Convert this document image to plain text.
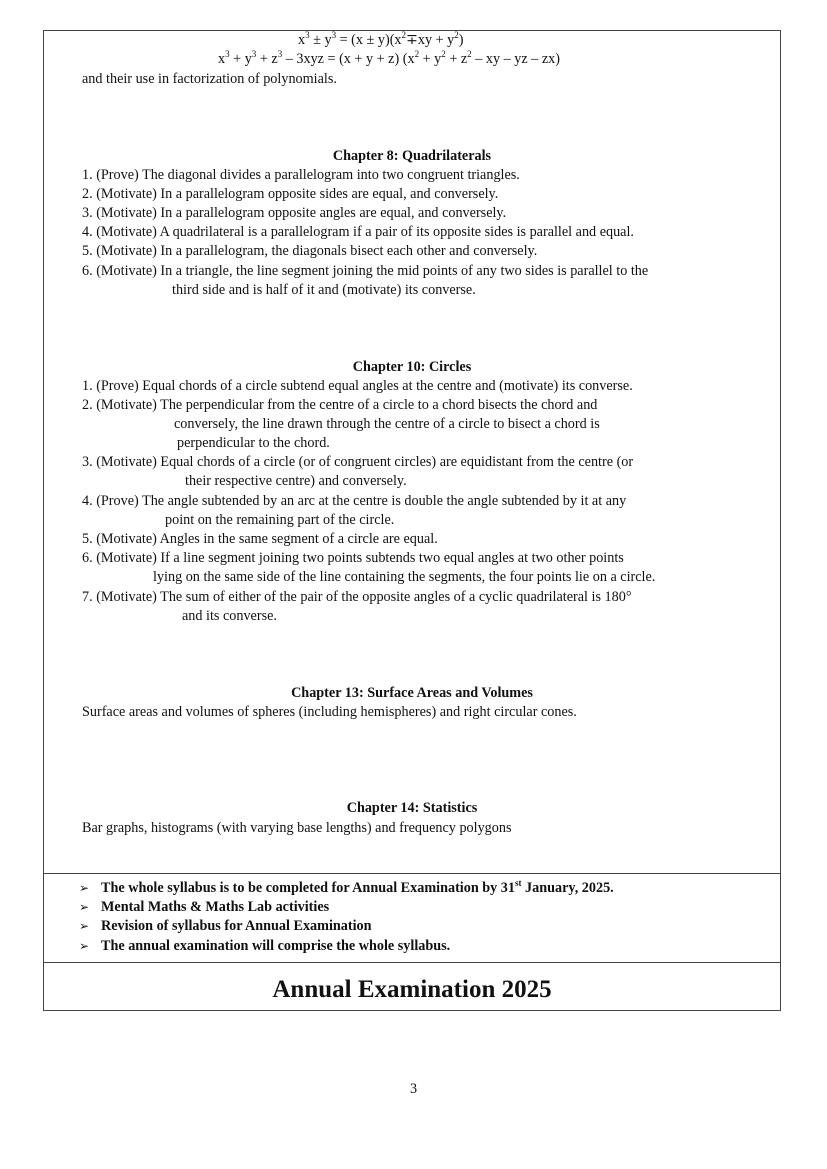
$x^3 \pm y^3 = (x \pm y)(x^2\mp xy + y^2)$
$x^3 + y^3 + z^3 - 3xyz = (x + y + z) (x^2 + y^2 + z^2$ – xy – yz – zx)
and their use in factorization of polynomials.
Chapter 8: Quadrilaterals
1. (Prove) The diagonal divides a parallelogram into two congruent triangles.
2. (Motivate) In a parallelogram opposite sides are equal, and conversely.
3. (Motivate) In a parallelogram opposite angles are equal, and conversely.
4. (Motivate) A quadrilateral is a parallelogram if a pair of its opposite sides is parallel and equal.
5. (Motivate) In a parallelogram, the diagonals bisect each other and conversely.
6. (Motivate) In a triangle, the line segment joining the mid points of any two sides is parallel to the
third side and is half of it and (motivate) its converse.
Chapter 10: Circles
1. (Prove) Equal chords of a circle subtend equal angles at the centre and (motivate) its converse.
2. (Motivate) The perpendicular from the centre of a circle to a chord bisects the chord and
conversely, the line drawn through the centre of a circle to bisect a chord is
perpendicular to the chord.
3. (Motivate) Equal chords of a circle (or of congruent circles) are equidistant from the centre (or
their respective centre) and conversely.
4. (Prove) The angle subtended by an arc at the centre is double the angle subtended by it at any
point on the remaining part of the circle.
5. (Motivate) Angles in the same segment of a circle are equal.
6. (Motivate) If a line segment joining two points subtends two equal angles at two other points
lying on the same side of the line containing the segments, the four points lie on a circle.
7. (Motivate) The sum of either of the pair of the opposite angles of a cyclic quadrilateral is 180°
and its converse.
Chapter 13: Surface Areas and Volumes
Surface areas and volumes of spheres (including hemispheres) and right circular cones.
Chapter 14: Statistics
Bar graphs, histograms (with varying base lengths) and frequency polygons
➢ The whole syllabus is to be completed for Annual Examination by 31st January, 2025.
➢ Mental Maths & Maths Lab activities
➢ Revision of syllabus for Annual Examination
➢ The annual examination will comprise the whole syllabus.
Annual Examination 2025
3
